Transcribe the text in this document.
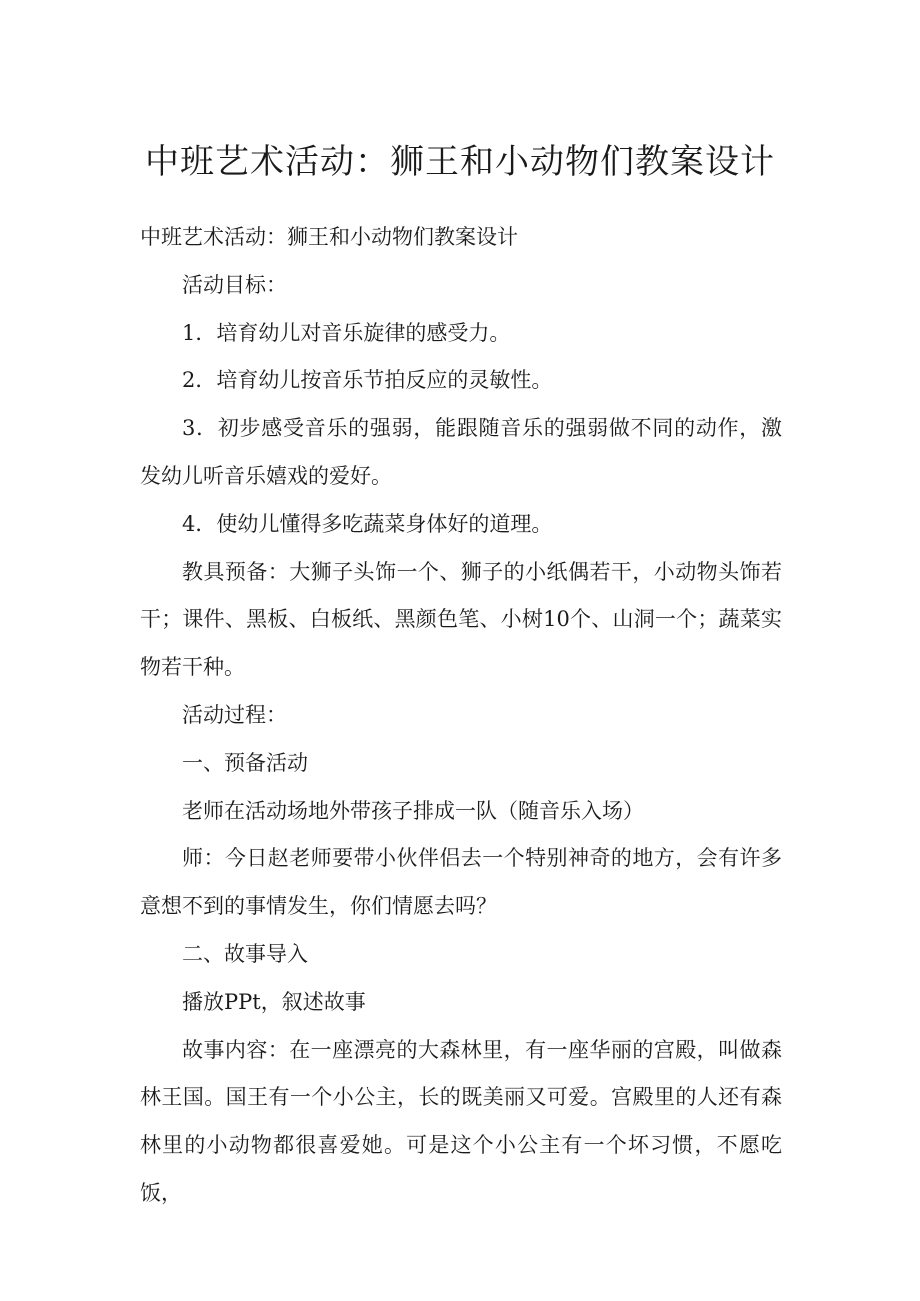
中班艺术活动：狮王和小动物们教案设计

中班艺术活动：狮王和小动物们教案设计

活动目标：

1．培育幼儿对音乐旋律的感受力。

2．培育幼儿按音乐节拍反应的灵敏性。

3．初步感受音乐的强弱，能跟随音乐的强弱做不同的动作，激发幼儿听音乐嬉戏的爱好。

4．使幼儿懂得多吃蔬菜身体好的道理。

教具预备：大狮子头饰一个、狮子的小纸偶若干，小动物头饰若干；课件、黑板、白板纸、黑颜色笔、小树10个、山洞一个；蔬菜实物若干种。

活动过程：

一、预备活动

老师在活动场地外带孩子排成一队（随音乐入场）

师：今日赵老师要带小伙伴侣去一个特别神奇的地方，会有许多意想不到的事情发生，你们情愿去吗？

二、故事导入

播放PPt，叙述故事

故事内容：在一座漂亮的大森林里，有一座华丽的宫殿，叫做森林王国。国王有一个小公主，长的既美丽又可爱。宫殿里的人还有森林里的小动物都很喜爱她。可是这个小公主有一个坏习惯，不愿吃饭，
